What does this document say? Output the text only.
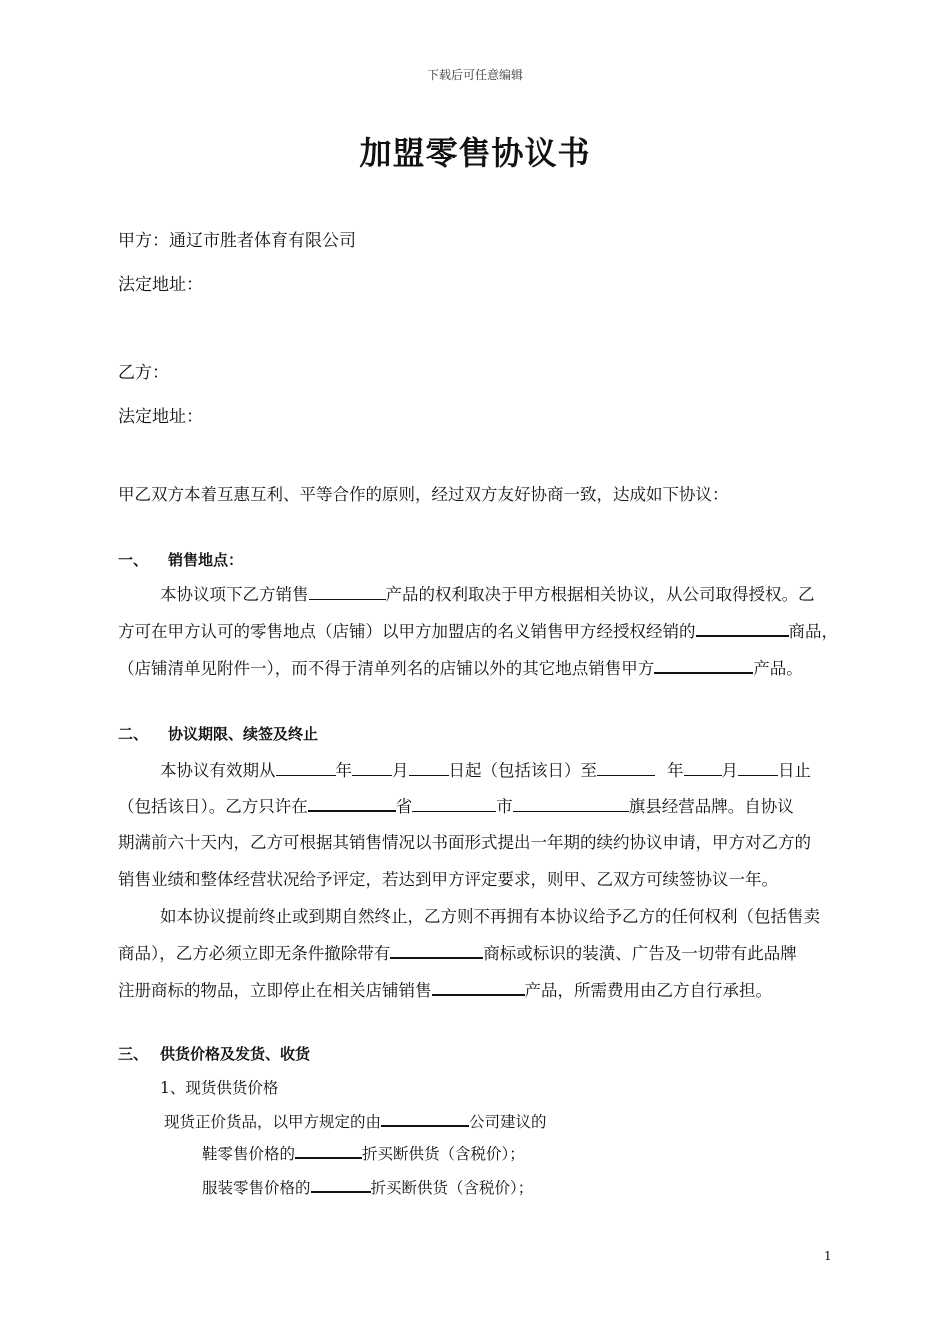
下载后可任意编辑
加盟零售协议书
甲方：通辽市胜者体育有限公司
法定地址：
乙方：
法定地址：
甲乙双方本着互惠互利、平等合作的原则，经过双方友好协商一致，达成如下协议：
一、 销售地点：
本协议项下乙方销售	产品的权利取决于甲方根据相关协议，从公司取得授权。乙
方可在甲方认可的零售地点（店铺）以甲方加盟店的名义销售甲方经授权经销的	商品，
（店铺清单见附件一），而不得于清单列名的店铺以外的其它地点销售甲方	产品。
二、 协议期限、续签及终止
本协议有效期从	年 月 日起（包括该日）至	年 月 日止
（包括该日）。乙方只许在	省	市	旗县经营品牌。自协议
期满前六十天内，乙方可根据其销售情况以书面形式提出一年期的续约协议申请，甲方对乙方的
销售业绩和整体经营状况给予评定，若达到甲方评定要求，则甲、乙双方可续签协议一年。
如本协议提前终止或到期自然终止，乙方则不再拥有本协议给予乙方的任何权利（包括售卖
商品），乙方必须立即无条件撤除带有	商标或标识的装潢、广告及一切带有此品牌
注册商标的物品，立即停止在相关店铺销售	产品，所需费用由乙方自行承担。
三、 供货价格及发货、收货
1、现货供货价格
现货正价货品，以甲方规定的由	公司建议的
鞋零售价格的	折买断供货（含税价）；
服装零售价格的	折买断供货（含税价）；
1
